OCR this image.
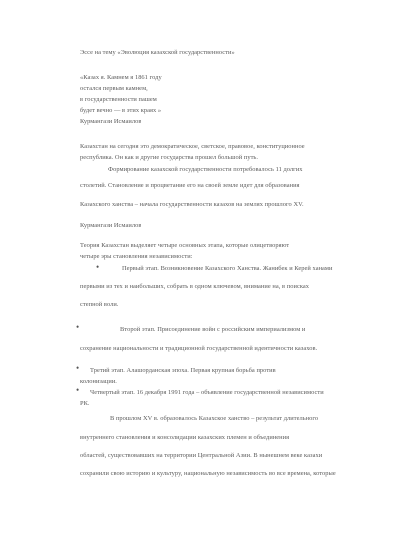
Эссе на тему «Эволюция казахской государственности»
«Казах я. Камнем я 1861 году
остался первым камнем,
в государственности пашем
будет вечно — в этих краях »
Курмангази Исмаилов
Казахстан на сегодня это демократическое, светское, правовое, конституционное
республика. Он как и другие государства прошел большой путь.
Формирование казахской государственности потребовалось 11 долгих
столетий. Становление и процветание его на своей земле идет для образования
Казахского ханства – начала государственности казахов на землях прошлого ХV.
Курмангази Исмаилов
Теория Казахстан выделяет четыре основных этапа, которые олицетворяют
четыре эры становления независимости:
•	Первый этап. Возникновение Казахского Ханства. Жанибек и Керей ханами
первыми из тех и наибольших, собрать в одном ключевом, внимание на, в поисках
степной воли.
•	Второй этап. Присоединение войн с российским империализмом и
сохранение национальности и традиционной государственной идентичности казахов.
• Третий этап. Алашорданская эпоха. Первая крупная борьба против
колонизации.
• Четвертый этап. 16 декабря 1991 года – объявление государственной независимости
РК.
В прошлом ХV в. образовалось Казахское ханство – результат длительного
внутреннего становления и консолидации казахских племен и объединения
областей, существовавших на территории Центральной Азии. В нынешнем веке казахи
сохранили свою историю и культуру, национальную независимость во все времена, которые
